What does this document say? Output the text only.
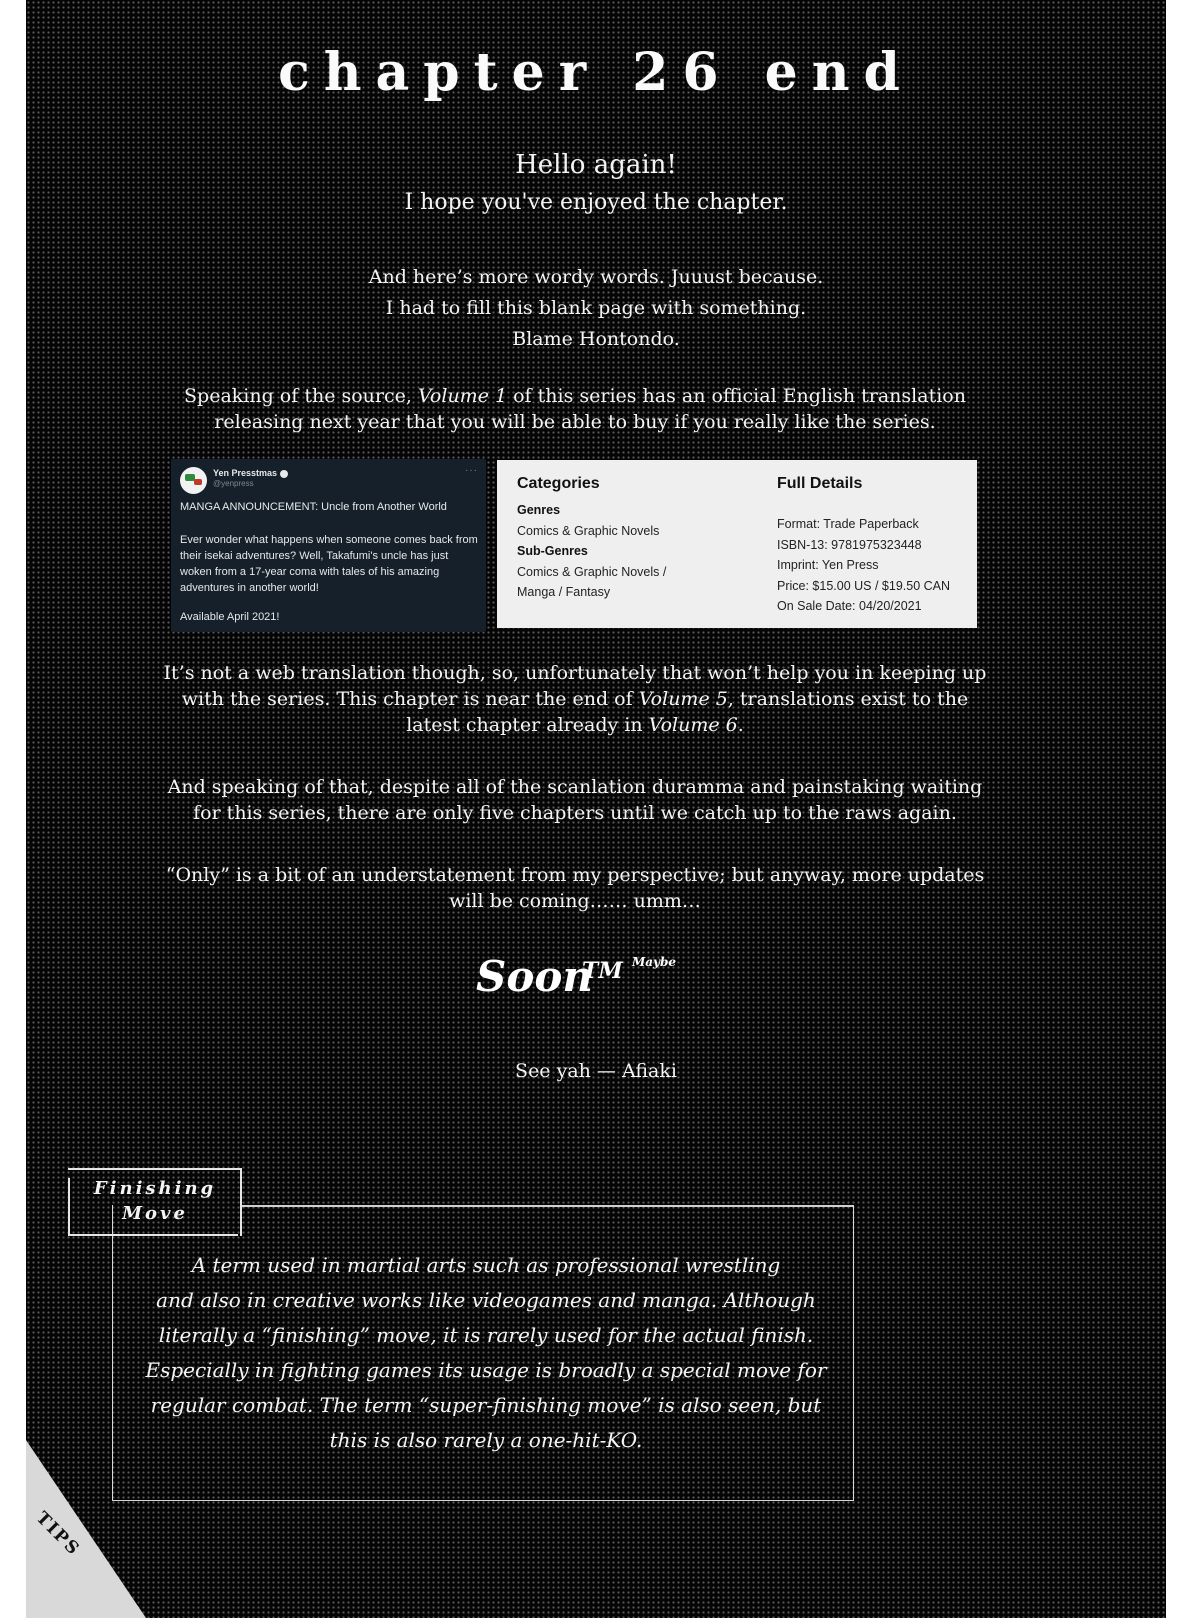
chapter 26 end
Hello again!
I hope you've enjoyed the chapter.
And here’s more wordy words. Juuust because.
I had to fill this blank page with something.
Blame Hontondo.
Speaking of the source, Volume 1 of this series has an official English translation releasing next year that you will be able to buy if you really like the series.
Yen Presstmas
@yenpress
···
MANGA ANNOUNCEMENT: Uncle from Another World
Ever wonder what happens when someone comes back from their isekai adventures? Well, Takafumi's uncle has just woken from a 17-year coma with tales of his amazing adventures in another world!
Available April 2021!
Categories
Genres
Comics & Graphic Novels
Sub-Genres
Comics & Graphic Novels /
Manga / Fantasy
Full Details
Format: Trade Paperback
ISBN-13: 9781975323448
Imprint: Yen Press
Price: $15.00 US / $19.50 CAN
On Sale Date: 04/20/2021
It’s not a web translation though, so, unfortunately that won’t help you in keeping up with the series. This chapter is near the end of Volume 5, translations exist to the latest chapter already in Volume 6.
And speaking of that, despite all of the scanlation duramma and painstaking waiting for this series, there are only five chapters until we catch up to the raws again.
“Only” is a bit of an understatement from my perspective; but anyway, more updates will be coming…… umm…
Soon
TM Maybe
See yah — Afiaki
Finishing
Move
A term used in martial arts such as professional wrestling
and also in creative works like videogames and manga. Although
literally a “finishing” move, it is rarely used for the actual finish.
Especially in fighting games its usage is broadly a special move for
regular combat. The term “super-finishing move” is also seen, but
this is also rarely a one-hit-KO.
TIPS
